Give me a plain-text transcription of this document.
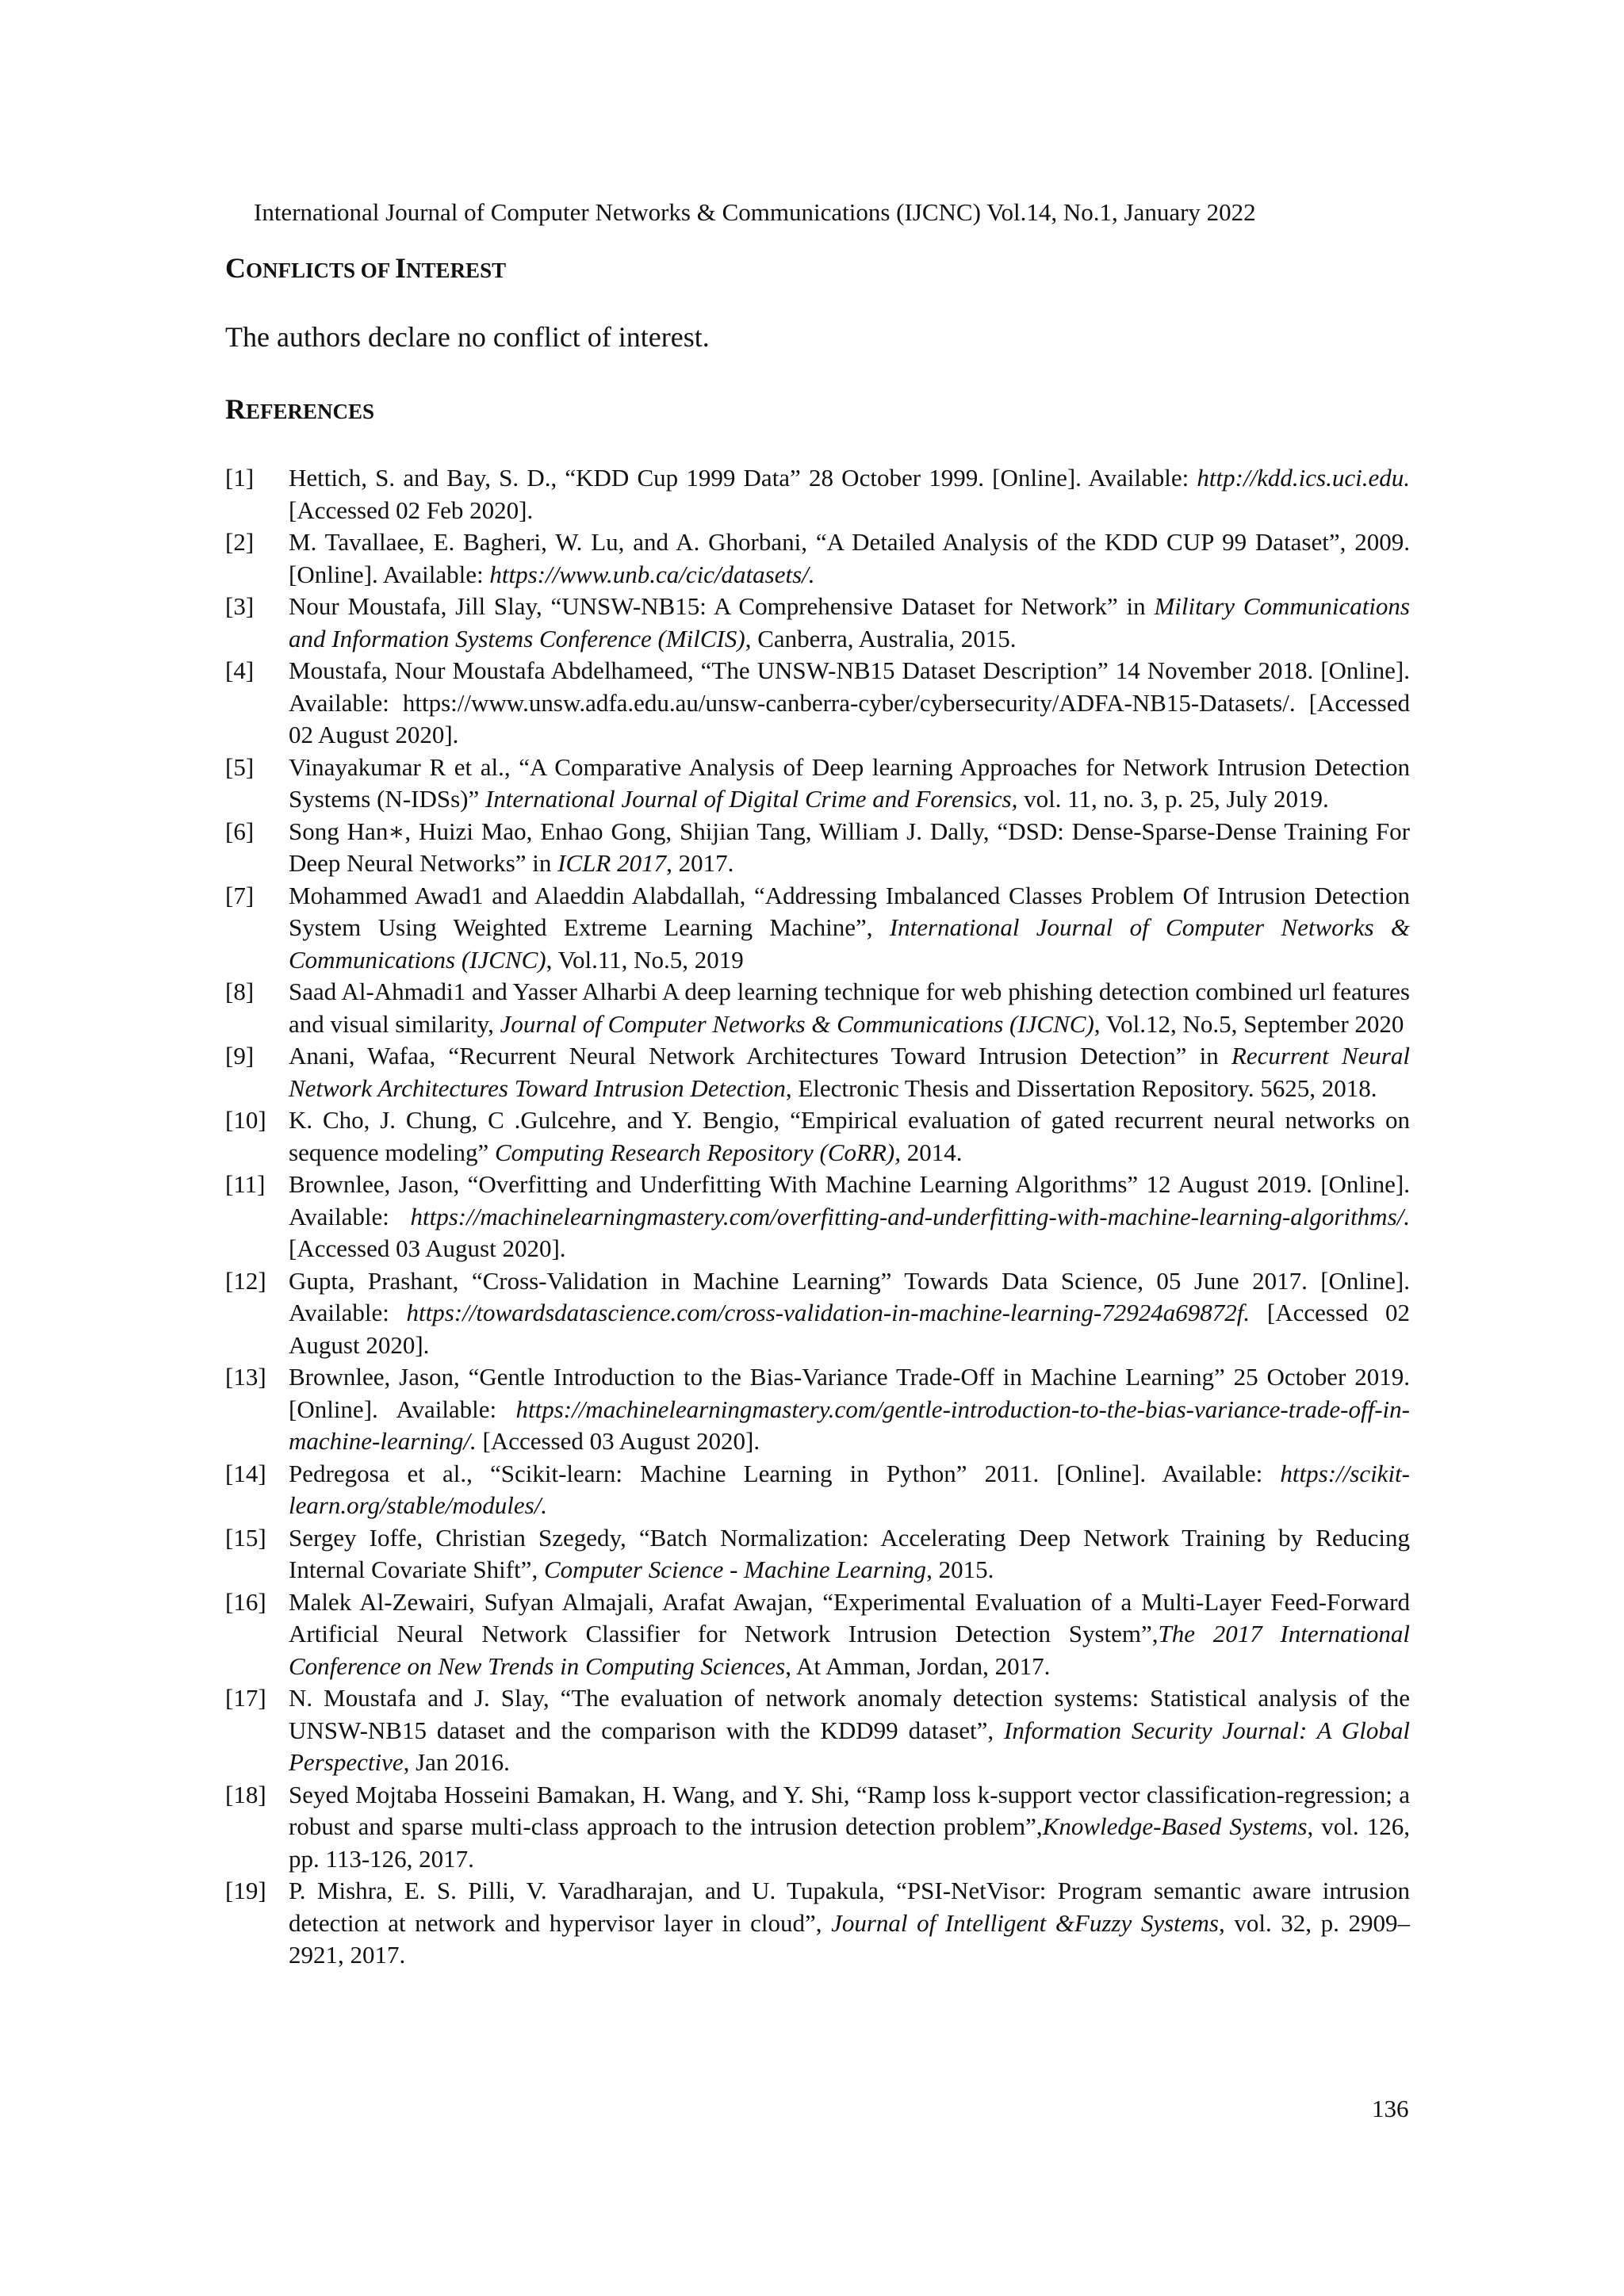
International Journal of Computer Networks & Communications (IJCNC) Vol.14, No.1, January 2022
CONFLICTS OF INTEREST
The authors declare no conflict of interest.
REFERENCES
[1]	Hettich, S. and Bay, S. D., “KDD Cup 1999 Data” 28 October 1999. [Online]. Available: http://kdd.ics.uci.edu. [Accessed 02 Feb 2020].
[2]	M. Tavallaee, E. Bagheri, W. Lu, and A. Ghorbani, “A Detailed Analysis of the KDD CUP 99 Dataset”, 2009. [Online]. Available: https://www.unb.ca/cic/datasets/.
[3]	Nour Moustafa, Jill Slay, “UNSW-NB15: A Comprehensive Dataset for Network” in Military Communications and Information Systems Conference (MilCIS), Canberra, Australia, 2015.
[4]	Moustafa, Nour Moustafa Abdelhameed, “The UNSW-NB15 Dataset Description” 14 November 2018. [Online]. Available: https://www.unsw.adfa.edu.au/unsw-canberra-cyber/cybersecurity/ADFA-NB15-Datasets/. [Accessed 02 August 2020].
[5]	Vinayakumar R et al., “A Comparative Analysis of Deep learning Approaches for Network Intrusion Detection Systems (N-IDSs)” International Journal of Digital Crime and Forensics, vol. 11, no. 3, p. 25, July 2019.
[6]	Song Han∗, Huizi Mao, Enhao Gong, Shijian Tang, William J. Dally, “DSD: Dense-Sparse-Dense Training For Deep Neural Networks” in ICLR 2017, 2017.
[7]	Mohammed Awad1 and Alaeddin Alabdallah, “Addressing Imbalanced Classes Problem Of Intrusion Detection System Using Weighted Extreme Learning Machine”, International Journal of Computer Networks & Communications (IJCNC), Vol.11, No.5, 2019
[8]	Saad Al-Ahmadi1 and Yasser Alharbi A deep learning technique for web phishing detection combined url features and visual similarity, Journal of Computer Networks & Communications (IJCNC), Vol.12, No.5, September 2020
[9]	Anani, Wafaa, “Recurrent Neural Network Architectures Toward Intrusion Detection” in Recurrent Neural Network Architectures Toward Intrusion Detection, Electronic Thesis and Dissertation Repository. 5625, 2018.
[10] K. Cho, J. Chung, C .Gulcehre, and Y. Bengio, “Empirical evaluation of gated recurrent neural networks on sequence modeling” Computing Research Repository (CoRR), 2014.
[11] Brownlee, Jason, “Overfitting and Underfitting With Machine Learning Algorithms” 12 August 2019. [Online]. Available: https://machinelearningmastery.com/overfitting-and-underfitting-with-machine-learning-algorithms/. [Accessed 03 August 2020].
[12] Gupta, Prashant, “Cross-Validation in Machine Learning” Towards Data Science, 05 June 2017. [Online]. Available: https://towardsdatascience.com/cross-validation-in-machine-learning-72924a69872f. [Accessed 02 August 2020].
[13] Brownlee, Jason, “Gentle Introduction to the Bias-Variance Trade-Off in Machine Learning” 25 October 2019. [Online]. Available: https://machinelearningmastery.com/gentle-introduction-to-the-bias-variance-trade-off-in-machine-learning/. [Accessed 03 August 2020].
[14] Pedregosa et al., “Scikit-learn: Machine Learning in Python” 2011. [Online]. Available: https://scikit-learn.org/stable/modules/.
[15] Sergey Ioffe, Christian Szegedy, “Batch Normalization: Accelerating Deep Network Training by Reducing Internal Covariate Shift”, Computer Science - Machine Learning, 2015.
[16] Malek Al-Zewairi, Sufyan Almajali, Arafat Awajan, “Experimental Evaluation of a Multi-Layer Feed-Forward Artificial Neural Network Classifier for Network Intrusion Detection System”,The 2017 International Conference on New Trends in Computing Sciences, At Amman, Jordan, 2017.
[17] N. Moustafa and J. Slay, “The evaluation of network anomaly detection systems: Statistical analysis of the UNSW-NB15 dataset and the comparison with the KDD99 dataset”, Information Security Journal: A Global Perspective, Jan 2016.
[18] Seyed Mojtaba Hosseini Bamakan, H. Wang, and Y. Shi, “Ramp loss k-support vector classification-regression; a robust and sparse multi-class approach to the intrusion detection problem”,Knowledge-Based Systems, vol. 126, pp. 113-126, 2017.
[19] P. Mishra, E. S. Pilli, V. Varadharajan, and U. Tupakula, “PSI-NetVisor: Program semantic aware intrusion detection at network and hypervisor layer in cloud”, Journal of Intelligent &Fuzzy Systems, vol. 32, p. 2909–2921, 2017.
136
